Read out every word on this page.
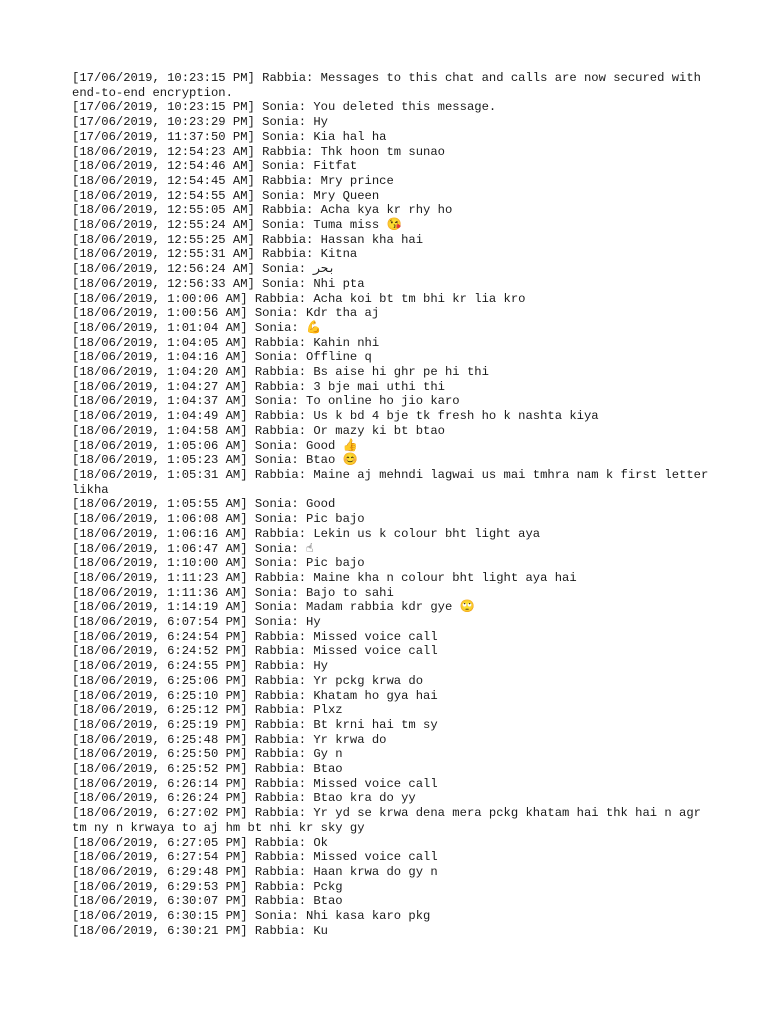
[17/06/2019, 10:23:15 PM] Rabbia: Messages to this chat and calls are now secured with end-to-end encryption.
[17/06/2019, 10:23:15 PM] Sonia: You deleted this message.
[17/06/2019, 10:23:29 PM] Sonia: Hy
[17/06/2019, 11:37:50 PM] Sonia: Kia hal ha
[18/06/2019, 12:54:23 AM] Rabbia: Thk hoon tm sunao
[18/06/2019, 12:54:46 AM] Sonia: Fitfat
[18/06/2019, 12:54:45 AM] Rabbia: Mry prince
[18/06/2019, 12:54:55 AM] Sonia: Mry Queen
[18/06/2019, 12:55:05 AM] Rabbia: Acha kya kr rhy ho
[18/06/2019, 12:55:24 AM] Sonia: Tuma miss 😘
[18/06/2019, 12:55:25 AM] Rabbia: Hassan kha hai
[18/06/2019, 12:55:31 AM] Rabbia: Kitna
[18/06/2019, 12:56:24 AM] Sonia: بحر
[18/06/2019, 12:56:33 AM] Sonia: Nhi pta
[18/06/2019, 1:00:06 AM] Rabbia: Acha koi bt tm bhi kr lia kro
[18/06/2019, 1:00:56 AM] Sonia: Kdr tha aj
[18/06/2019, 1:01:04 AM] Sonia: 💪
[18/06/2019, 1:04:05 AM] Rabbia: Kahin nhi
[18/06/2019, 1:04:16 AM] Sonia: Offline q
[18/06/2019, 1:04:20 AM] Rabbia: Bs aise hi ghr pe hi thi
[18/06/2019, 1:04:27 AM] Rabbia: 3 bje mai uthi thi
[18/06/2019, 1:04:37 AM] Sonia: To online ho jio karo
[18/06/2019, 1:04:49 AM] Rabbia: Us k bd 4 bje tk fresh ho k nashta kiya
[18/06/2019, 1:04:58 AM] Rabbia: Or mazy ki bt btao
[18/06/2019, 1:05:06 AM] Sonia: Good 👍
[18/06/2019, 1:05:23 AM] Sonia: Btao 😊
[18/06/2019, 1:05:31 AM] Rabbia: Maine aj mehndi lagwai us mai tmhra nam k first letter likha
[18/06/2019, 1:05:55 AM] Sonia: Good
[18/06/2019, 1:06:08 AM] Sonia: Pic bajo
[18/06/2019, 1:06:16 AM] Rabbia: Lekin us k colour bht light aya
[18/06/2019, 1:06:47 AM] Sonia: ☝
[18/06/2019, 1:10:00 AM] Sonia: Pic bajo
[18/06/2019, 1:11:23 AM] Rabbia: Maine kha n colour bht light aya hai
[18/06/2019, 1:11:36 AM] Sonia: Bajo to sahi
[18/06/2019, 1:14:19 AM] Sonia: Madam rabbia kdr gye 🙄
[18/06/2019, 6:07:54 PM] Sonia: Hy
[18/06/2019, 6:24:54 PM] Rabbia: Missed voice call
[18/06/2019, 6:24:52 PM] Rabbia: Missed voice call
[18/06/2019, 6:24:55 PM] Rabbia: Hy
[18/06/2019, 6:25:06 PM] Rabbia: Yr pckg krwa do
[18/06/2019, 6:25:10 PM] Rabbia: Khatam ho gya hai
[18/06/2019, 6:25:12 PM] Rabbia: Plxz
[18/06/2019, 6:25:19 PM] Rabbia: Bt krni hai tm sy
[18/06/2019, 6:25:48 PM] Rabbia: Yr krwa do
[18/06/2019, 6:25:50 PM] Rabbia: Gy n
[18/06/2019, 6:25:52 PM] Rabbia: Btao
[18/06/2019, 6:26:14 PM] Rabbia: Missed voice call
[18/06/2019, 6:26:24 PM] Rabbia: Btao kra do yy
[18/06/2019, 6:27:02 PM] Rabbia: Yr yd se krwa dena mera pckg khatam hai thk hai n agr tm ny n krwaya to aj hm bt nhi kr sky gy
[18/06/2019, 6:27:05 PM] Rabbia: Ok
[18/06/2019, 6:27:54 PM] Rabbia: Missed voice call
[18/06/2019, 6:29:48 PM] Rabbia: Haan krwa do gy n
[18/06/2019, 6:29:53 PM] Rabbia: Pckg
[18/06/2019, 6:30:07 PM] Rabbia: Btao
[18/06/2019, 6:30:15 PM] Sonia: Nhi kasa karo pkg
[18/06/2019, 6:30:21 PM] Rabbia: Ku
